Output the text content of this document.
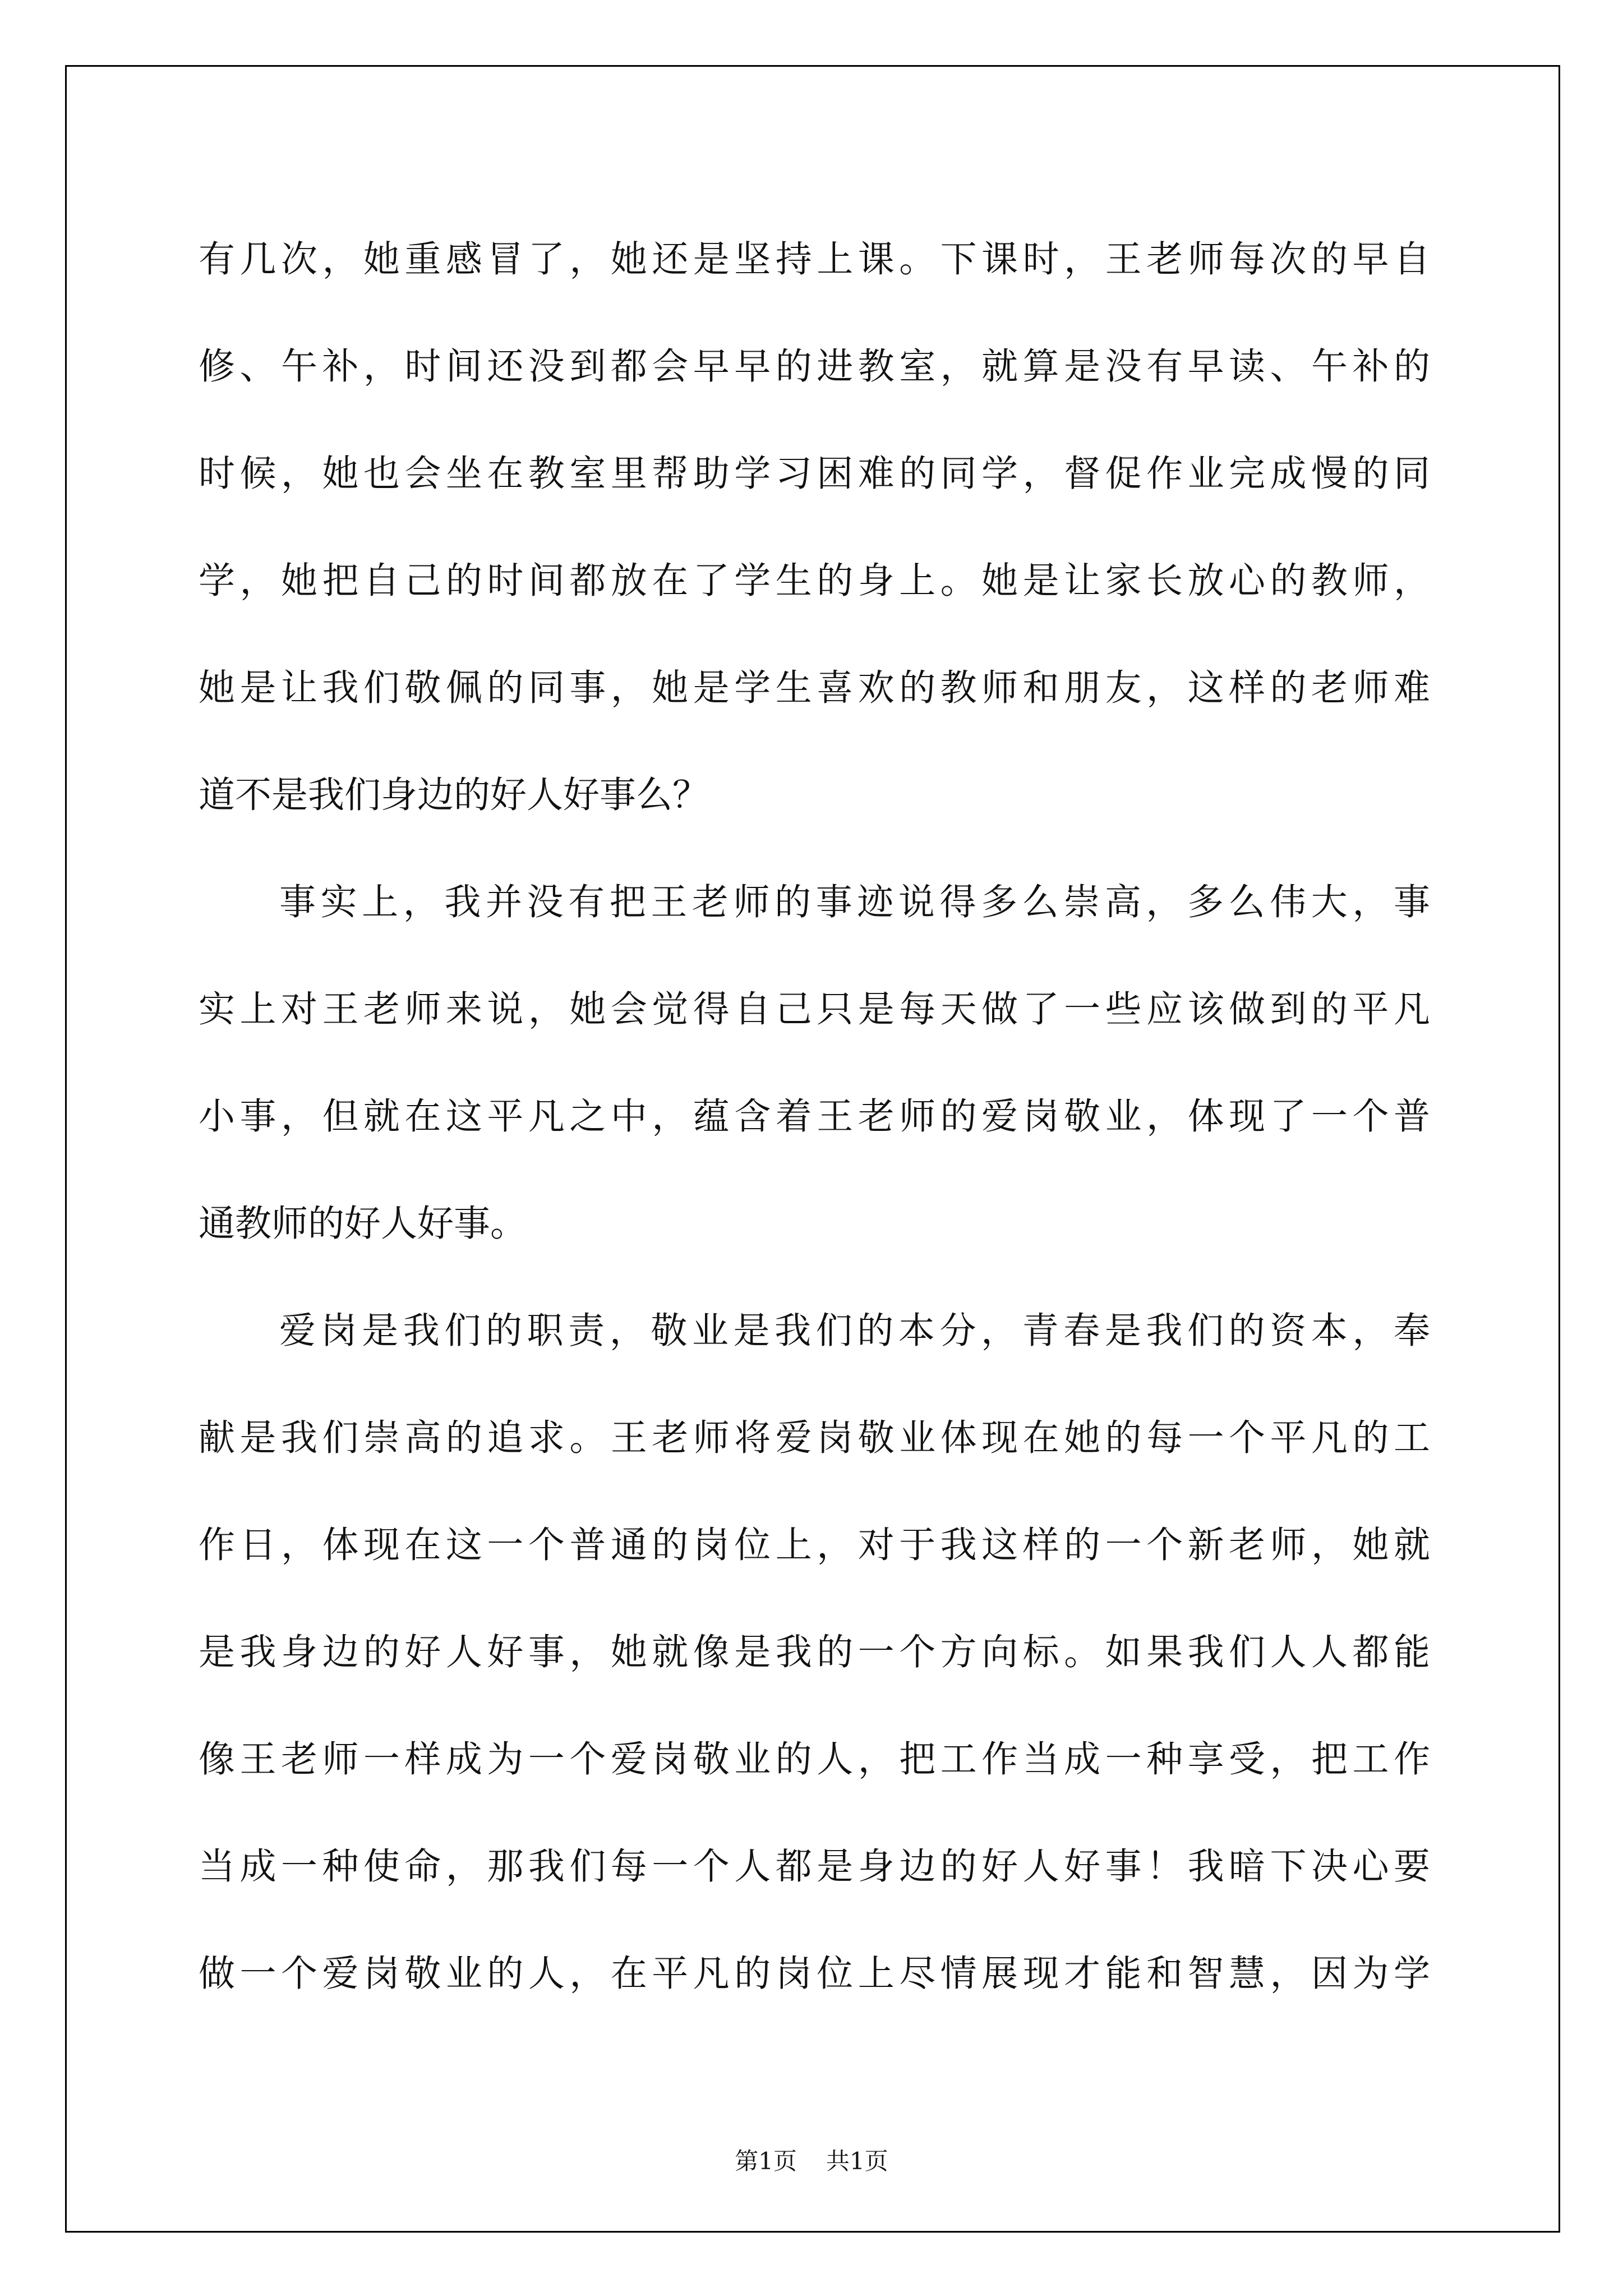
有几次，她重感冒了，她还是坚持上课。下课时，王老师每次的早自
修、午补，时间还没到都会早早的进教室，就算是没有早读、午补的
时候，她也会坐在教室里帮助学习困难的同学，督促作业完成慢的同
学，她把自己的时间都放在了学生的身上。她是让家长放心的教师，
她是让我们敬佩的同事，她是学生喜欢的教师和朋友，这样的老师难
道不是我们身边的好人好事么？
事实上，我并没有把王老师的事迹说得多么崇高，多么伟大，事
实上对王老师来说，她会觉得自己只是每天做了一些应该做到的平凡
小事，但就在这平凡之中，蕴含着王老师的爱岗敬业，体现了一个普
通教师的好人好事。
爱岗是我们的职责，敬业是我们的本分，青春是我们的资本，奉
献是我们崇高的追求。王老师将爱岗敬业体现在她的每一个平凡的工
作日，体现在这一个普通的岗位上，对于我这样的一个新老师，她就
是我身边的好人好事，她就像是我的一个方向标。如果我们人人都能
像王老师一样成为一个爱岗敬业的人，把工作当成一种享受，把工作
当成一种使命，那我们每一个人都是身边的好人好事！我暗下决心要
做一个爱岗敬业的人，在平凡的岗位上尽情展现才能和智慧，因为学
第1页 共1页
